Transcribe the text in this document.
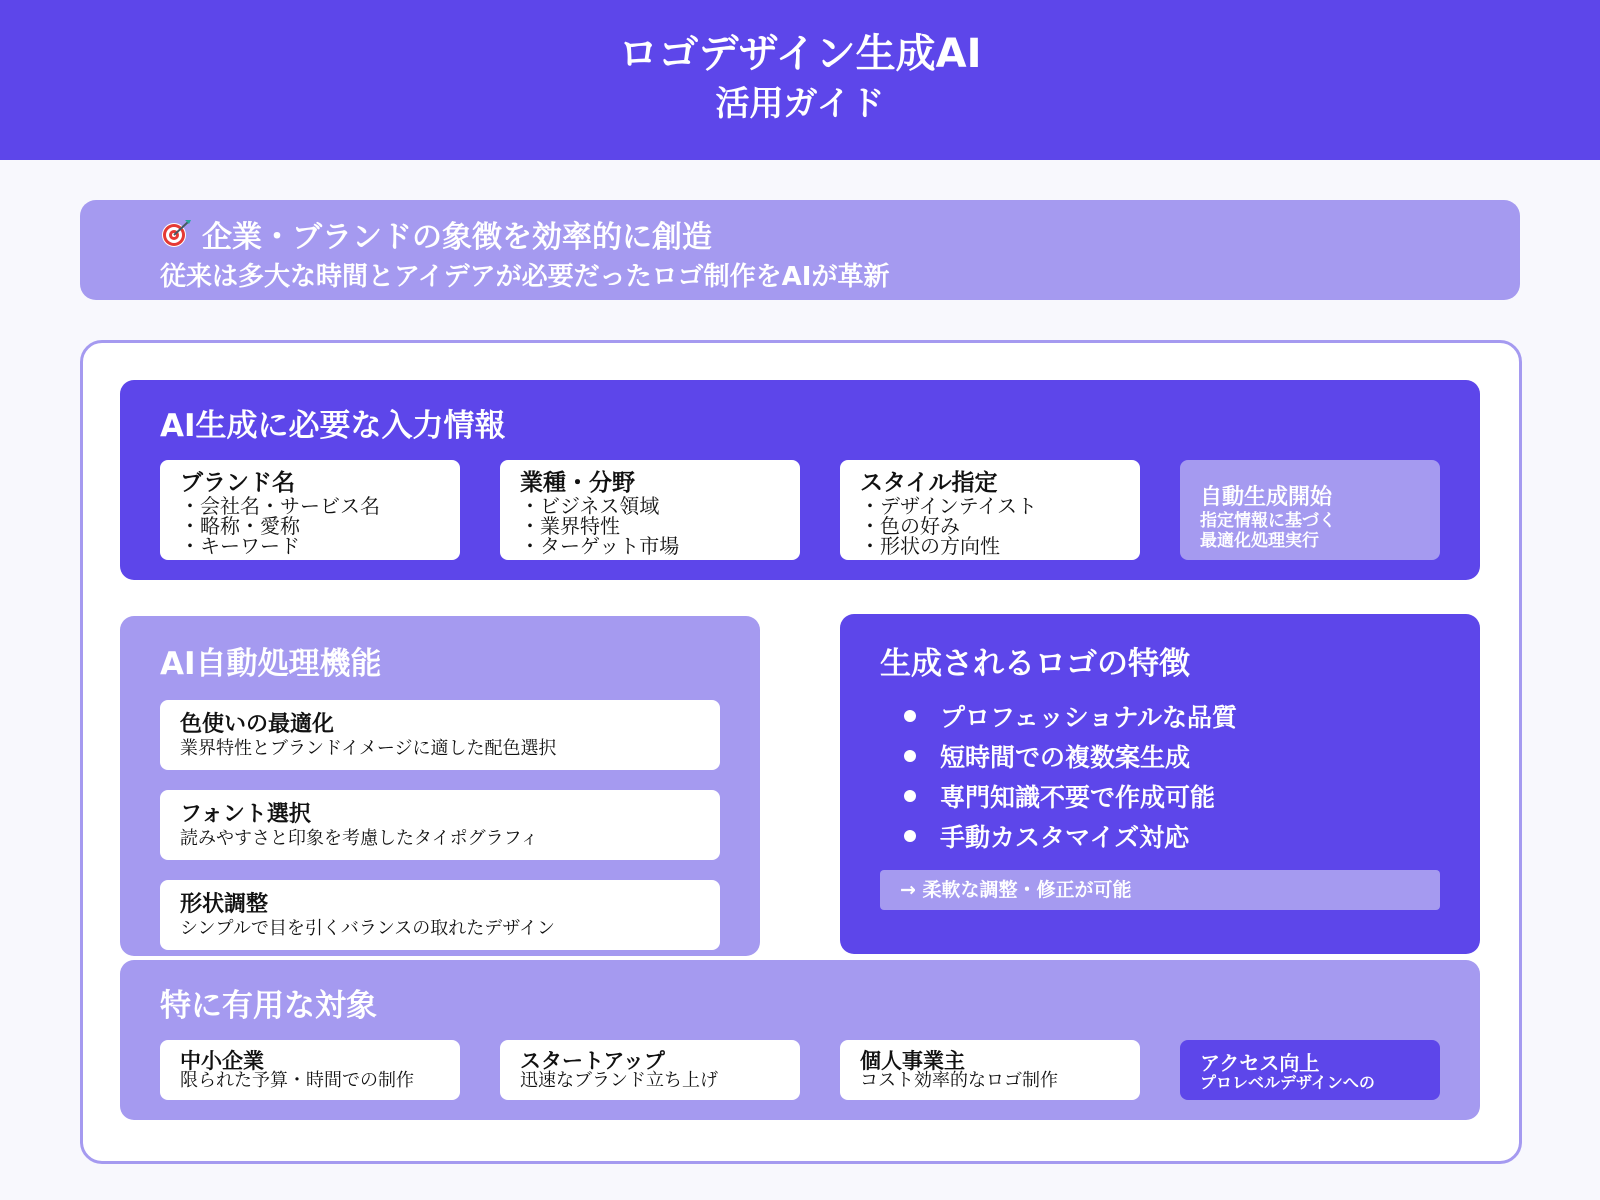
ロゴデザイン生成AI
活用ガイド
企業・ブランドの象徴を効率的に創造
従来は多大な時間とアイデアが必要だったロゴ制作をAIが革新
AI生成に必要な入力情報
ブランド名
・会社名・サービス名
・略称・愛称
・キーワード
業種・分野
・ビジネス領域
・業界特性
・ターゲット市場
スタイル指定
・デザインテイスト
・色の好み
・形状の方向性
自動生成開始
指定情報に基づく
最適化処理実行
AI自動処理機能
色使いの最適化
業界特性とブランドイメージに適した配色選択
フォント選択
読みやすさと印象を考慮したタイポグラフィ
形状調整
シンプルで目を引くバランスの取れたデザイン
生成されるロゴの特徴
プロフェッショナルな品質
短時間での複数案生成
専門知識不要で作成可能
手動カスタマイズ対応
→ 柔軟な調整・修正が可能
特に有用な対象
中小企業
限られた予算・時間での制作
スタートアップ
迅速なブランド立ち上げ
個人事業主
コスト効率的なロゴ制作
アクセス向上
プロレベルデザインへの
